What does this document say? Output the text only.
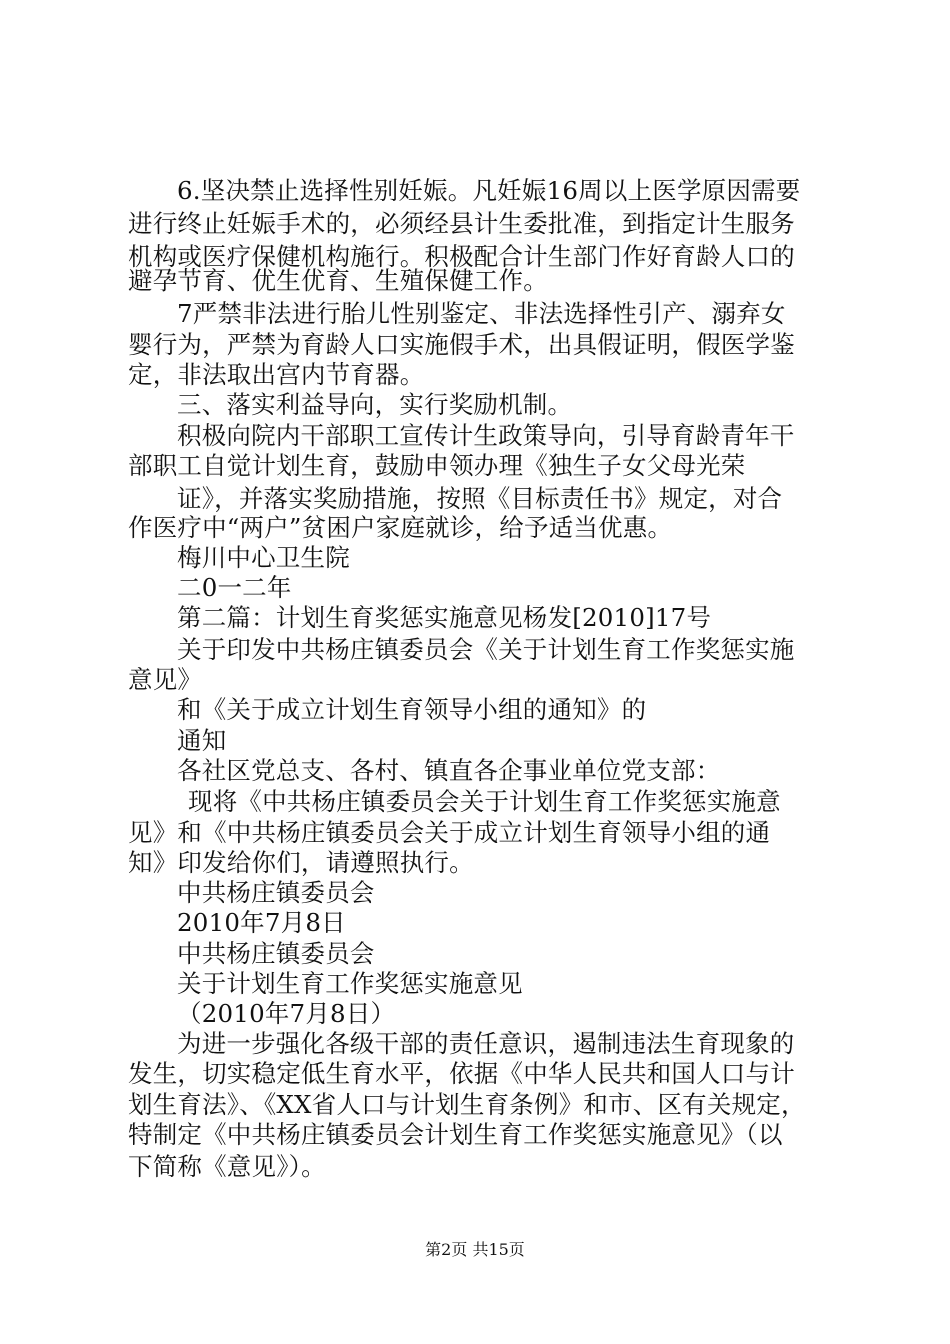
6.坚决禁止选择性别妊娠。凡妊娠16周以上医学原因需要
进行终止妊娠手术的，必须经县计生委批准，到指定计生服务
机构或医疗保健机构施行。积极配合计生部门作好育龄人口的
避孕节育、优生优育、生殖保健工作。
7严禁非法进行胎儿性别鉴定、非法选择性引产、溺弃女
婴行为，严禁为育龄人口实施假手术，出具假证明，假医学鉴
定，非法取出宫内节育器。
三、落实利益导向，实行奖励机制。
积极向院内干部职工宣传计生政策导向，引导育龄青年干
部职工自觉计划生育，鼓励申领办理《独生子女父母光荣
证》，并落实奖励措施，按照《目标责任书》规定，对合
作医疗中“两户”贫困户家庭就诊，给予适当优惠。
梅川中心卫生院
二0一二年
第二篇：计划生育奖惩实施意见杨发[2010]17号
关于印发中共杨庄镇委员会《关于计划生育工作奖惩实施
意见》
和《关于成立计划生育领导小组的通知》的
通知
各社区党总支、各村、镇直各企事业单位党支部：
现将《中共杨庄镇委员会关于计划生育工作奖惩实施意
见》和《中共杨庄镇委员会关于成立计划生育领导小组的通
知》印发给你们，请遵照执行。
中共杨庄镇委员会
2010年7月8日
中共杨庄镇委员会
关于计划生育工作奖惩实施意见
（2010年7月8日）
为进一步强化各级干部的责任意识，遏制违法生育现象的
发生，切实稳定低生育水平，依据《中华人民共和国人口与计
划生育法》、《XX省人口与计划生育条例》和市、区有关规定，
特制定《中共杨庄镇委员会计划生育工作奖惩实施意见》（以
下简称《意见》）。
第2页 共15页
